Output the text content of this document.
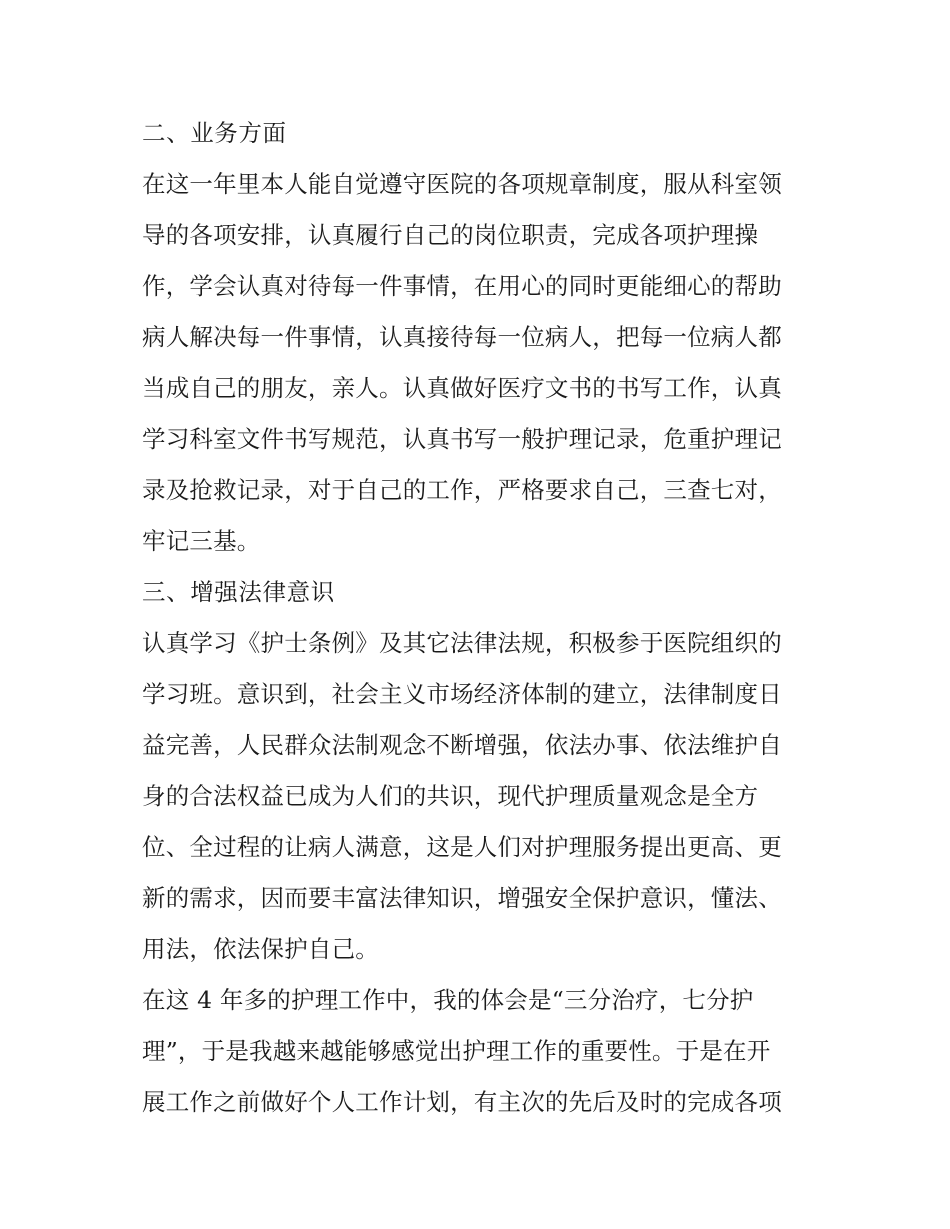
二、业务方面
在这一年里本人能自觉遵守医院的各项规章制度，服从科室领
导的各项安排，认真履行自己的岗位职责，完成各项护理操
作，学会认真对待每一件事情，在用心的同时更能细心的帮助
病人解决每一件事情，认真接待每一位病人，把每一位病人都
当成自己的朋友，亲人。认真做好医疗文书的书写工作，认真
学习科室文件书写规范，认真书写一般护理记录，危重护理记
录及抢救记录，对于自己的工作，严格要求自己，三查七对，
牢记三基。
三、增强法律意识
认真学习《护士条例》及其它法律法规，积极参于医院组织的
学习班。意识到，社会主义市场经济体制的建立，法律制度日
益完善，人民群众法制观念不断增强，依法办事、依法维护自
身的合法权益已成为人们的共识，现代护理质量观念是全方
位、全过程的让病人满意，这是人们对护理服务提出更高、更
新的需求，因而要丰富法律知识，增强安全保护意识，懂法、
用法，依法保护自己。
在这 4 年多的护理工作中，我的体会是“三分治疗，七分护
理”，于是我越来越能够感觉出护理工作的重要性。于是在开
展工作之前做好个人工作计划，有主次的先后及时的完成各项
